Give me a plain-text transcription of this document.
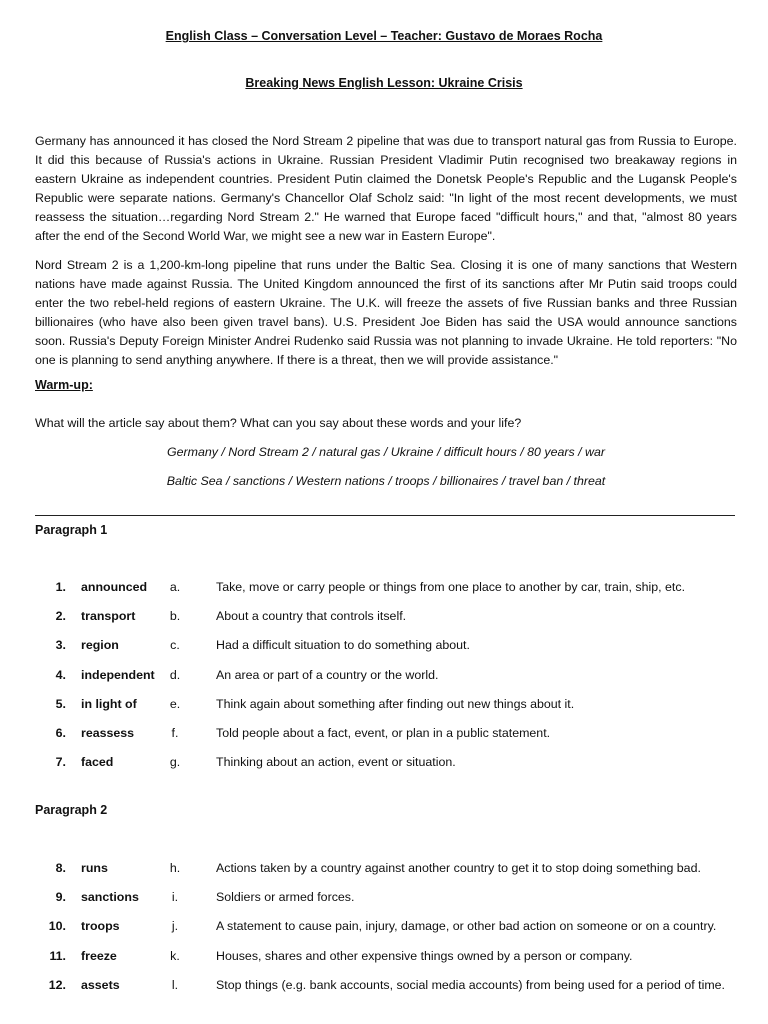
English Class – Conversation Level – Teacher: Gustavo de Moraes Rocha
Breaking News English Lesson: Ukraine Crisis

Germany has announced it has closed the Nord Stream 2 pipeline that was due to transport natural gas from Russia to Europe. It did this because of Russia's actions in Ukraine. Russian President Vladimir Putin recognised two breakaway regions in eastern Ukraine as independent countries. President Putin claimed the Donetsk People's Republic and the Lugansk People's Republic were separate nations. Germany's Chancellor Olaf Scholz said: "In light of the most recent developments, we must reassess the situation…regarding Nord Stream 2." He warned that Europe faced "difficult hours," and that, "almost 80 years after the end of the Second World War, we might see a new war in Eastern Europe".

Nord Stream 2 is a 1,200-km-long pipeline that runs under the Baltic Sea. Closing it is one of many sanctions that Western nations have made against Russia. The United Kingdom announced the first of its sanctions after Mr Putin said troops could enter the two rebel-held regions of eastern Ukraine. The U.K. will freeze the assets of five Russian banks and three Russian billionaires (who have also been given travel bans). U.S. President Joe Biden has said the USA would announce sanctions soon. Russia's Deputy Foreign Minister Andrei Rudenko said Russia was not planning to invade Ukraine. He told reporters: "No one is planning to send anything anywhere. If there is a threat, then we will provide assistance."

Warm-up:
What will the article say about them? What can you say about these words and your life?
Germany / Nord Stream 2 / natural gas / Ukraine / difficult hours / 80 years / war
Baltic Sea / sanctions / Western nations / troops / billionaires / travel ban / threat
Paragraph 1
1. announced	a.	Take, move or carry people or things from one place to another by car, train, ship, etc.
2. transport	b.	About a country that controls itself.
3. region	c.	Had a difficult situation to do something about.
4. independent	d.	An area or part of a country or the world.
5. in light of	e.	Think again about something after finding out new things about it.
6. reassess	f.	Told people about a fact, event, or plan in a public statement.
7. faced	g.	Thinking about an action, event or situation.
Paragraph 2
8. runs	h.	Actions taken by a country against another country to get it to stop doing something bad.
9. sanctions	i.	Soldiers or armed forces.
10. troops	j.	A statement to cause pain, injury, damage, or other bad action on someone or on a country.
11. freeze	k.	Houses, shares and other expensive things owned by a person or company.
12. assets	l.	Stop things (e.g. bank accounts, social media accounts) from being used for a period of time.
